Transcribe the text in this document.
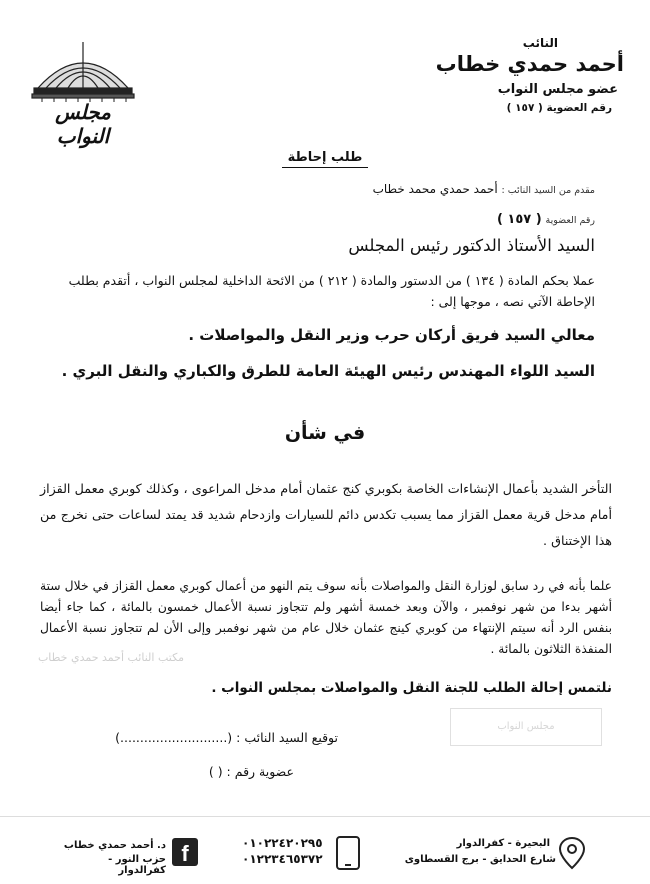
النائب
أحمد حمدي خطاب
عضو مجلس النواب
رقم العضوية ( ١٥٧ )
مجلس النواب
طلب إحاطة
مقدم من السيد النائب : أحمد حمدي محمد خطاب
رقم العضوية ( ١٥٧ )
السيد الأستاذ الدكتور رئيس المجلس
عملا بحكم المادة ( ١٣٤ ) من الدستور والمادة ( ٢١٢ ) من الائحة الداخلية لمجلس النواب ، أتقدم بطلب الإحاطة الآتي نصه ، موجها إلى :
معالي السيد فريق أركان حرب وزير النقل والمواصلات .
السيد اللواء المهندس رئيس الهيئة العامة للطرق والكباري والنقل البري .
في شأن
التأخر الشديد بأعمال الإنشاءات الخاصة بكوبري كنج عثمان أمام مدخل المراعوى ، وكذلك كوبري معمل القزاز أمام مدخل قرية معمل القزاز مما يسبب تكدس دائم للسيارات وازدحام شديد قد يمتد لساعات حتى نخرج من هذا الإختناق .
علما بأنه في رد سابق لوزارة النقل والمواصلات بأنه سوف يتم النهو من أعمال كوبري معمل القزاز في خلال ستة أشهر بدءا من شهر نوفمبر ، والآن وبعد خمسة أشهر ولم تتجاوز نسبة الأعمال خمسون بالمائة ، كما جاء أيضا بنفس الرد أنه سيتم الإنتهاء من كوبري كينج عثمان خلال عام من شهر نوفمبر وإلى الأن لم تتجاوز نسبة الأعمال المنفذة الثلاثون بالمائة .
مكتب النائب أحمد حمدي خطاب
مجلس النواب
نلتمس إحالة الطلب للجنة النقل والمواصلات بمجلس النواب .
توقيع السيد النائب : (...........................)
عضوية رقم : ( )
د. أحمد حمدي خطاب
حزب النور - كفرالدوار
f	٠١٠٢٢٤٢٠٢٩٥
٠١٢٢٣٤٦٥٣٧٢
البحيرة - كفرالدوار
شارع الحدايق - برج القسطاوى
